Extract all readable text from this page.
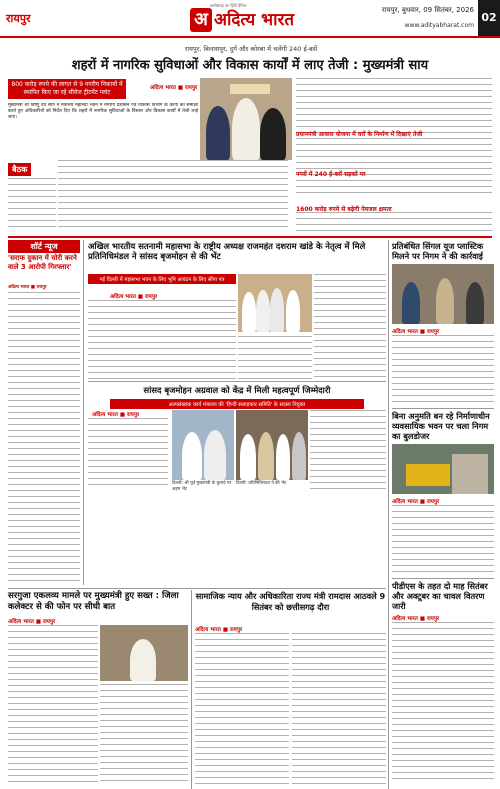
रायपुर
छत्तीसगढ़ का हिंदी दैनिक
अ अदित्य भारत	रायपुर, बुधवार, 09 सितंबर, 2026
www.adityabharat.com
02
रायपुर, बिलासपुर, दुर्ग और कोरबा में चलेंगी 240 ई-बसें
शहरों में नागरिक सुविधाओं और विकास कार्यों में लाए तेजी : मुख्यमंत्री साय
800 करोड़ रुपये की लागत से 9 नगरीय निकायों में स्थापित किए जा रहे सीवेज ट्रीटमेंट प्लांट
अदित्य भारत ■ रायपुर
मुख्यमंत्री श्री विष्णु देव साय ने मंत्रालय महानदी भवन में नगरीय प्रशासन एवं विकास विभाग के कार्यों की समीक्षा करते हुए अधिकारियों को निर्देश दिए कि शहरों में नागरिक सुविधाओं के विस्तार और विकास कार्यों में तेजी लाई जाए।
बैठक
प्रधानमंत्री आवास योजना में घरों के निर्माण में दिखाएं तेजी
नगरों में 240 ई-बसें सड़कों पर
1600 करोड़ रुपये से बढ़ेगी पेयजल क्षमता
शॉर्ट न्यूज
'सराफ दुकान में चोरी करने वाले 3 आरोपी गिरफ्तार'
अदित्य भारत ■ रायपुर
अखिल भारतीय सतनामी महासभा के राष्ट्रीय अध्यक्ष राजमहंत दशराम खांडे के नेतृत्व में मिले प्रतिनिधिमंडल ने सांसद बृजमोहन से की भेंट
नई दिल्ली में महासभा भवन के लिए भूमि आवंटन के लिए सौंपा पत्र
अदित्य भारत ■ रायपुर
सांसद बृजमोहन अग्रवाल को केंद्र में मिली महत्वपूर्ण जिम्मेदारी
अल्पसंख्यक कार्य मंत्रालय की 'हिन्दी सलाहकार समिति' के सदस्य नियुक्त
अदित्य भारत ■ रायपुर
दिल्ली: श्री पूर्व मुख्यमंत्री के बुलावे पर अहम भेंट
दिल्ली: प्रतिनिधिमंडल ने की भेंट
प्रतिबंधित सिंगल यूज प्लास्टिक मिलने पर निगम ने की कार्रवाई
अदित्य भारत ■ रायपुर
बिना अनुमति बन रहे निर्माणाधीन व्यवसायिक भवन पर चला निगम का बुलडोजर
अदित्य भारत ■ रायपुर
पीडीएस के तहत दो माह सितंबर और अक्टूबर का चावल वितरण जारी
अदित्य भारत ■ रायपुर
सरगुजा एकलव्य मामले पर मुख्यमंत्री हुए सख्त : जिला कलेक्टर से की फोन पर सीधी बात
अदित्य भारत ■ रायपुर
सामाजिक न्याय और अधिकारिता राज्य मंत्री रामदास आठवले 9 सितंबर को छत्तीसगढ़ दौरा
अदित्य भारत ■ रायपुर
